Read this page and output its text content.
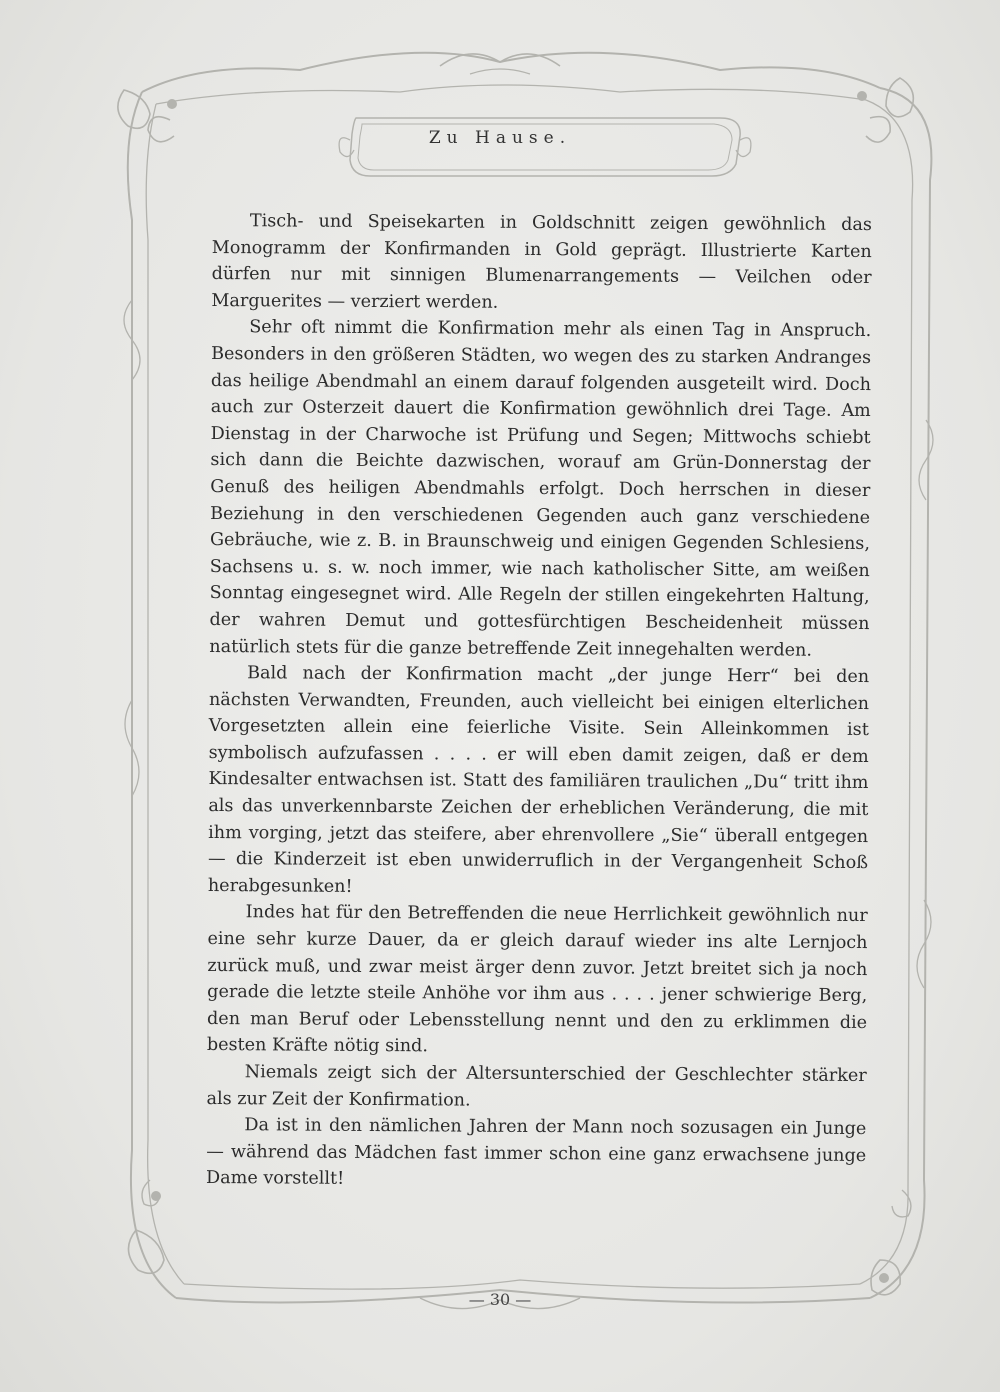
Zu Hause.

Tisch- und Speisekarten in Goldschnitt zeigen gewöhnlich das Monogramm der Konfirmanden in Gold geprägt. Illustrierte Karten dürfen nur mit sinnigen Blumenarrangements — Veilchen oder Marguerites — verziert werden.

Sehr oft nimmt die Konfirmation mehr als einen Tag in Anspruch. Besonders in den größeren Städten, wo wegen des zu starken Andranges das heilige Abendmahl an einem darauf folgenden ausgeteilt wird. Doch auch zur Osterzeit dauert die Konfirmation gewöhnlich drei Tage. Am Dienstag in der Charwoche ist Prüfung und Segen; Mittwochs schiebt sich dann die Beichte dazwischen, worauf am Grün-Donnerstag der Genuß des heiligen Abendmahls erfolgt. Doch herrschen in dieser Beziehung in den verschiedenen Gegenden auch ganz verschiedene Gebräuche, wie z. B. in Braunschweig und einigen Gegenden Schlesiens, Sachsens u. s. w. noch immer, wie nach katholischer Sitte, am weißen Sonntag eingesegnet wird. Alle Regeln der stillen eingekehrten Haltung, der wahren Demut und gottesfürchtigen Bescheidenheit müssen natürlich stets für die ganze betreffende Zeit innegehalten werden.

Bald nach der Konfirmation macht „der junge Herr“ bei den nächsten Verwandten, Freunden, auch vielleicht bei einigen elterlichen Vorgesetzten allein eine feierliche Visite. Sein Alleinkommen ist symbolisch aufzufassen . . . . er will eben damit zeigen, daß er dem Kindesalter entwachsen ist. Statt des familiären traulichen „Du“ tritt ihm als das unverkennbarste Zeichen der erheblichen Veränderung, die mit ihm vorging, jetzt das steifere, aber ehrenvollere „Sie“ überall entgegen — die Kinderzeit ist eben unwiderruflich in der Vergangenheit Schoß herabgesunken!

Indes hat für den Betreffenden die neue Herrlichkeit gewöhnlich nur eine sehr kurze Dauer, da er gleich darauf wieder ins alte Lernjoch zurück muß, und zwar meist ärger denn zuvor. Jetzt breitet sich ja noch gerade die letzte steile Anhöhe vor ihm aus . . . . jener schwierige Berg, den man Beruf oder Lebensstellung nennt und den zu erklimmen die besten Kräfte nötig sind.

Niemals zeigt sich der Altersunterschied der Geschlechter stärker als zur Zeit der Konfirmation.

Da ist in den nämlichen Jahren der Mann noch sozusagen ein Junge — während das Mädchen fast immer schon eine ganz erwachsene junge Dame vorstellt!

— 30 —
